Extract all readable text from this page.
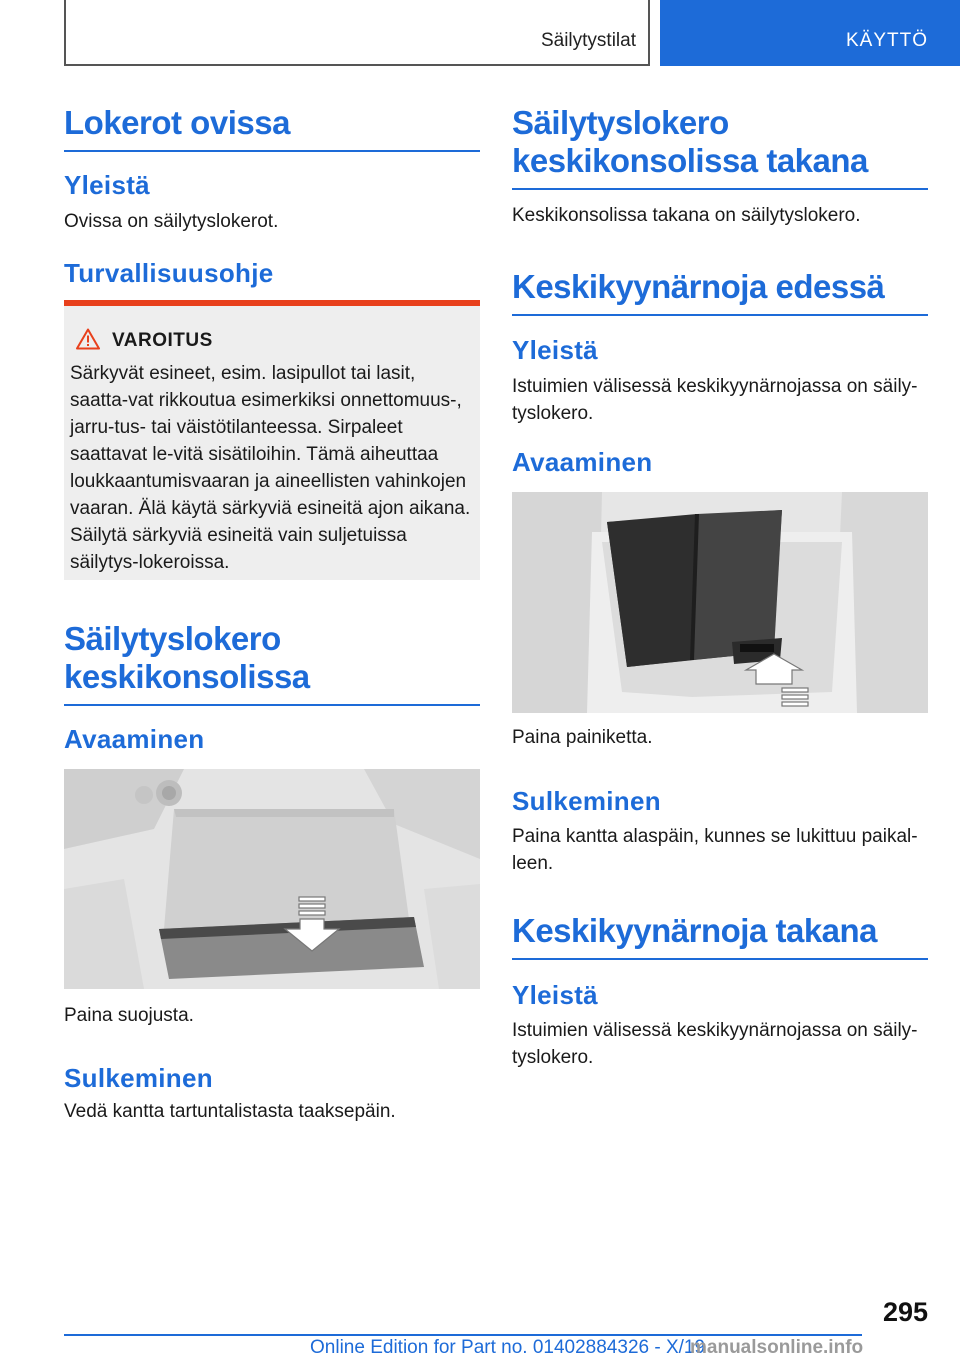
Säilytystilat	KÄYTTÖ
Lokerot ovissa
Yleistä
Ovissa on säilytyslokerot.
Turvallisuusohje
VAROITUS
Särkyvät esineet, esim. lasipullot tai lasit, saatta-vat rikkoutua esimerkiksi onnettomuus-, jarru-tus- tai väistötilanteessa. Sirpaleet saattavat le-vitä sisätiloihin. Tämä aiheuttaa loukkaantumisvaaran ja aineellisten vahinkojen vaaran. Älä käytä särkyviä esineitä ajon aikana. Säilytä särkyviä esineitä vain suljetuissa säilytys-lokeroissa.
Säilytyslokero
keskikonsolissa
Avaaminen
Paina suojusta.
Sulkeminen
Vedä kantta tartuntalistasta taaksepäin.
Säilytyslokero
keskikonsolissa takana
Keskikonsolissa takana on säilytyslokero.
Keskikyynärnoja edessä
Yleistä
Istuimien välisessä keskikyynärnojassa on säily-tyslokero.
Avaaminen
Paina painiketta.
Sulkeminen
Paina kantta alaspäin, kunnes se lukittuu paikal-leen.
Keskikyynärnoja takana
Yleistä
Istuimien välisessä keskikyynärnojassa on säily-tyslokero.
295
Online Edition for Part no. 01402884326 - X/19
manualsonline.info
